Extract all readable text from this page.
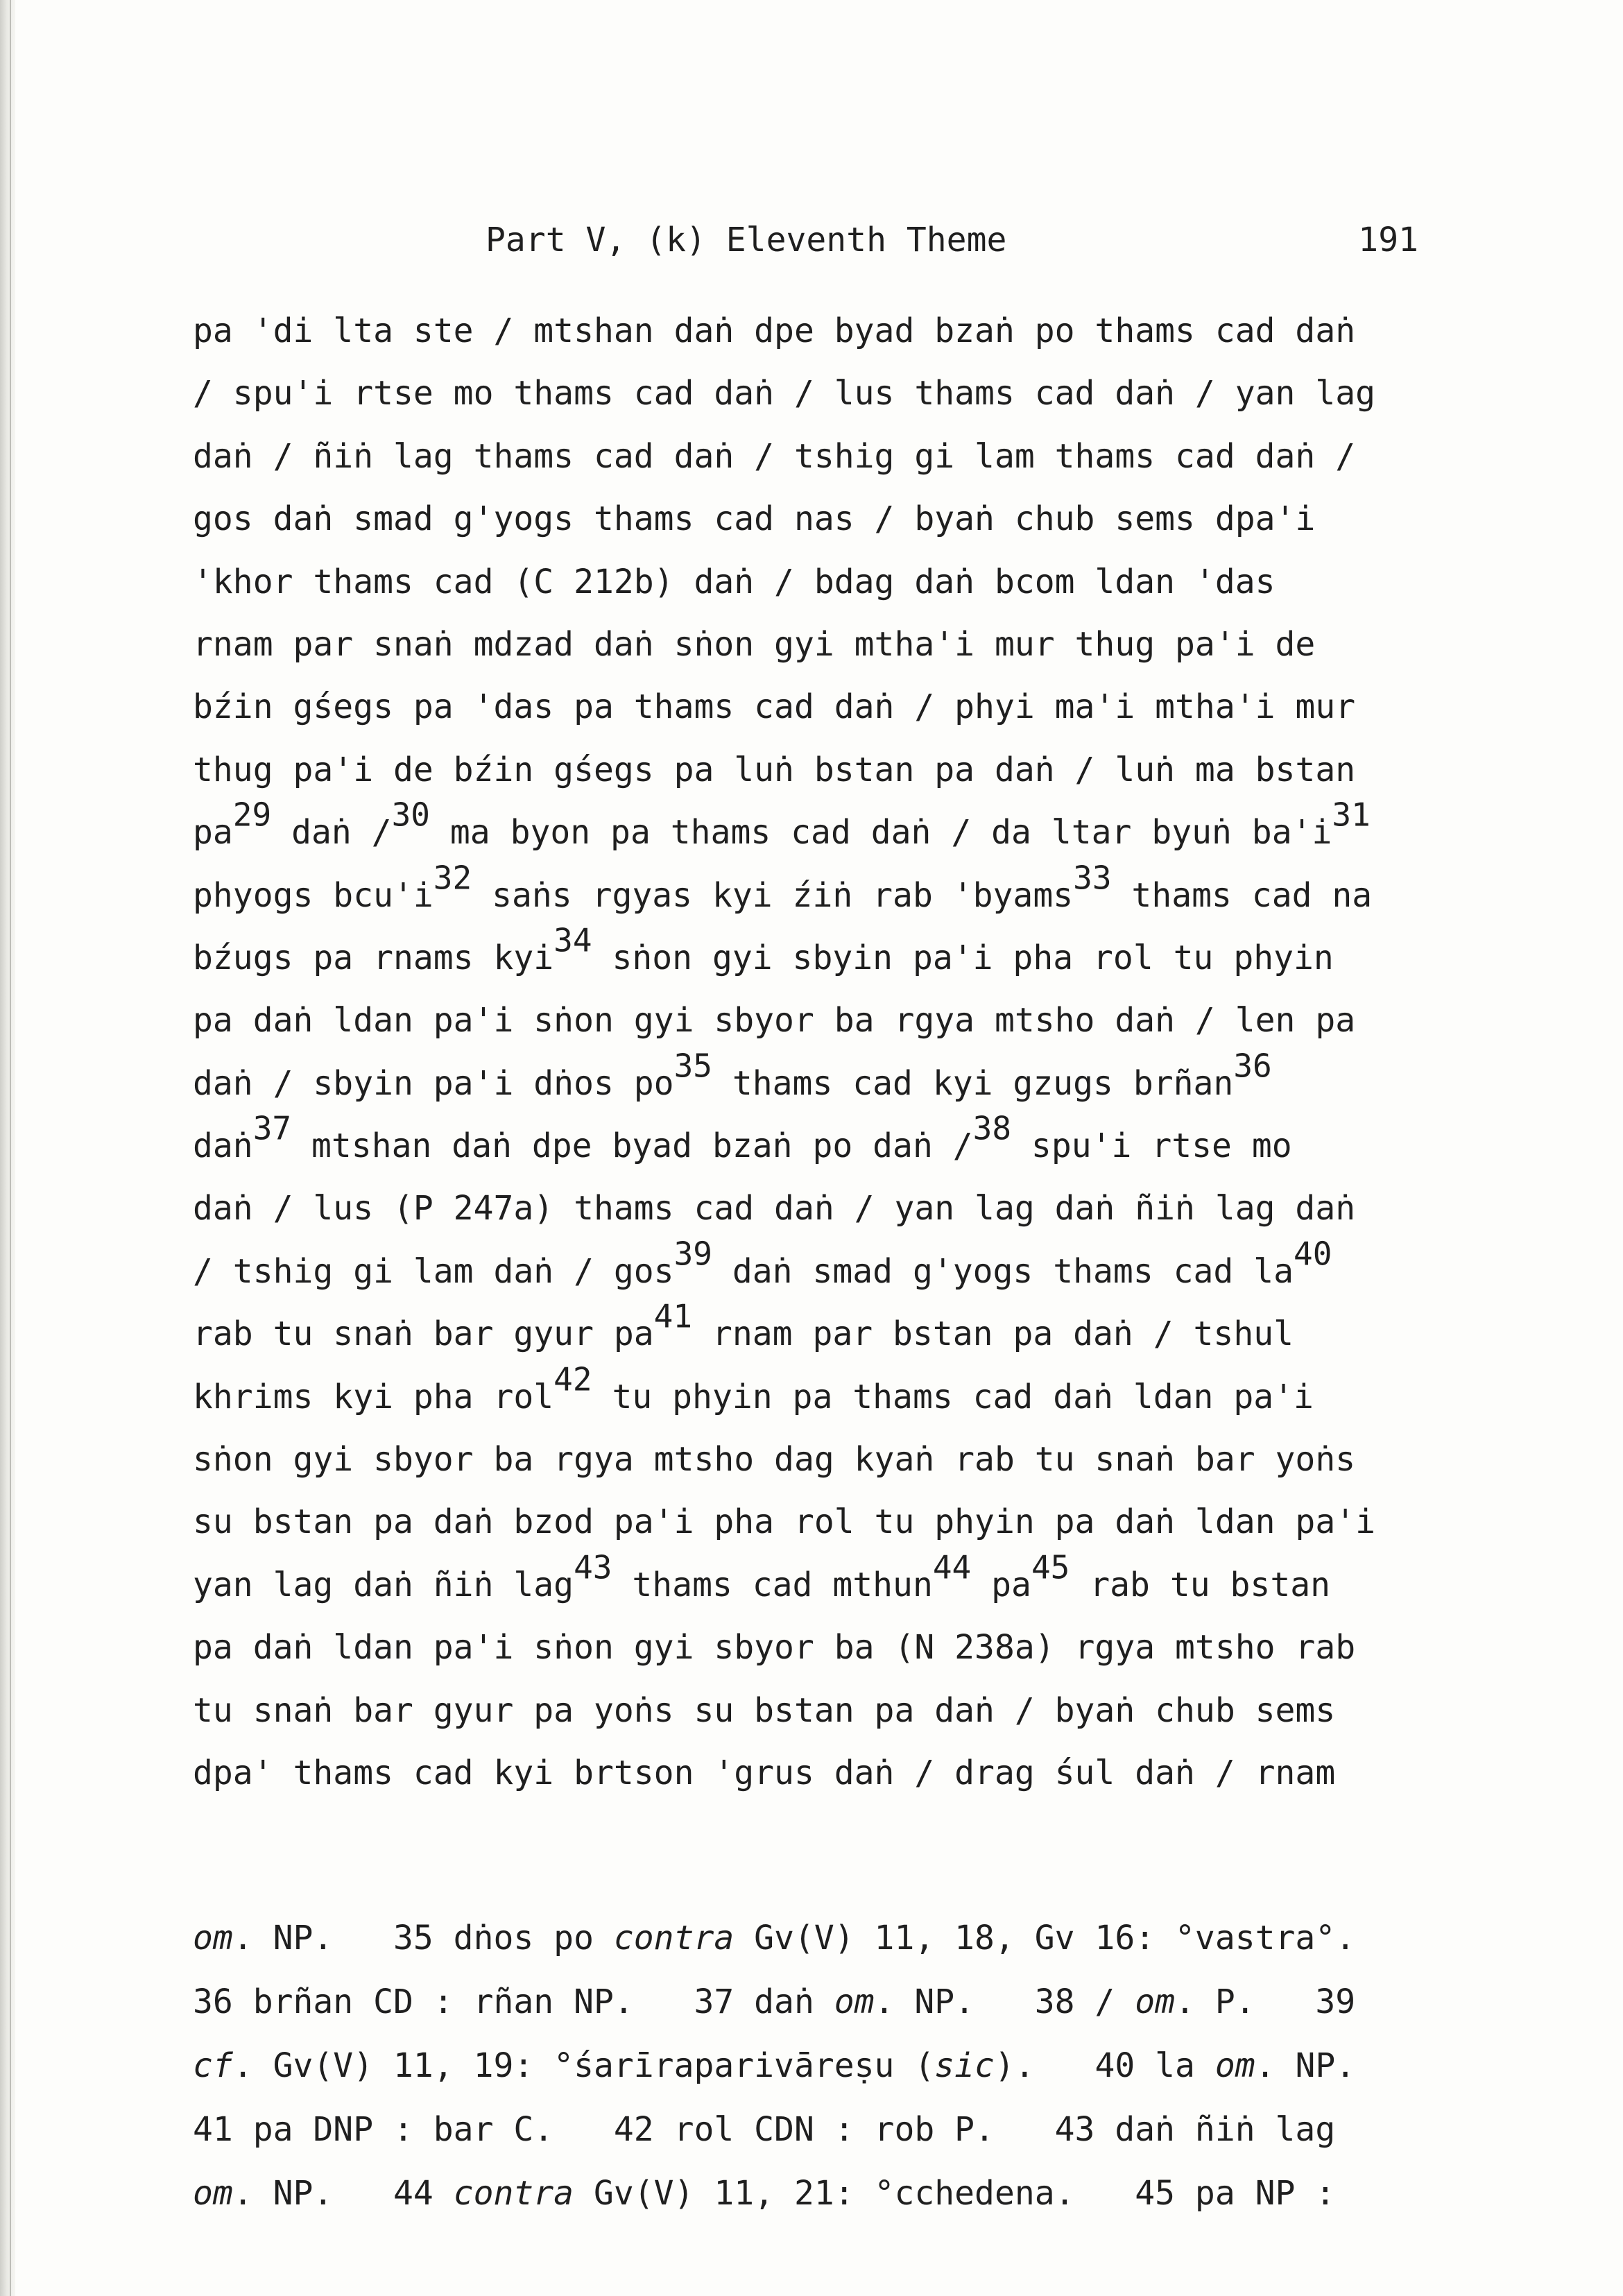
Part V, (k) Eleventh Theme	191
pa 'di lta ste / mtshan daṅ dpe byad bzaṅ po thams cad daṅ
/ spu'i rtse mo thams cad daṅ / lus thams cad daṅ / yan lag
daṅ / ñiṅ lag thams cad daṅ / tshig gi lam thams cad daṅ /
gos daṅ smad g'yogs thams cad nas / byaṅ chub sems dpa'i
'khor thams cad (C 212b) daṅ / bdag daṅ bcom ldan 'das
rnam par snaṅ mdzad daṅ sṅon gyi mtha'i mur thug pa'i de
bźin gśegs pa 'das pa thams cad daṅ / phyi ma'i mtha'i mur
thug pa'i de bźin gśegs pa luṅ bstan pa daṅ / luṅ ma bstan
$pa^{29}$ daṅ /$^{30}$ ma byon pa thams cad daṅ / da ltar byuṅ $ba'i^{31}$
phyogs $bcu'i^{32}$ saṅs rgyas kyi źiṅ rab 'byams$^{33}$ thams cad na
bźugs pa rnams kyi$^{34}$ sṅon gyi sbyin pa'i pha rol tu phyin
pa daṅ ldan pa'i sṅon gyi sbyor ba rgya mtsho daṅ / len pa
daṅ / sbyin pa'i dṅos $po^{35}$ thams cad kyi gzugs brñan$^{36}$
daṅ$^{37}$ mtshan daṅ dpe byad bzaṅ po daṅ /$^{38}$ spu'i rtse mo
daṅ / lus (P 247a) thams cad daṅ / yan lag daṅ ñiṅ lag daṅ
/ tshig gi lam daṅ / gos$^{39}$ daṅ smad g'yogs thams cad $la^{40}$
rab tu snaṅ bar gyur $pa^{41}$ rnam par bstan pa daṅ / tshul
khrims kyi pha rol$^{42}$ tu phyin pa thams cad daṅ ldan pa'i
sṅon gyi sbyor ba rgya mtsho dag kyaṅ rab tu snaṅ bar yoṅs
su bstan pa daṅ bzod pa'i pha rol tu phyin pa daṅ ldan pa'i
yan lag daṅ ñiṅ lag$^{43}$ thams cad mthun$^{44}$ $pa^{45}$ rab tu bstan
pa daṅ ldan pa'i sṅon gyi sbyor ba (N 238a) rgya mtsho rab
tu snaṅ bar gyur pa yoṅs su bstan pa daṅ / byaṅ chub sems
dpa' thams cad kyi brtson 'grus daṅ / drag śul daṅ / rnam
om. NP.   35 dṅos po contra Gv(V) 11, 18, Gv 16: °vastra°.
36 brñan CD : rñan NP.   37 daṅ om. NP.   38 / om. P.   39
cf. Gv(V) 11, 19: °śarīraparivāreṣu (sic).   40 la om. NP.
41 pa DNP : bar C.   42 rol CDN : rob P.   43 daṅ ñiṅ lag
om. NP.   44 contra Gv(V) 11, 21: °cchedena.   45 pa NP :
